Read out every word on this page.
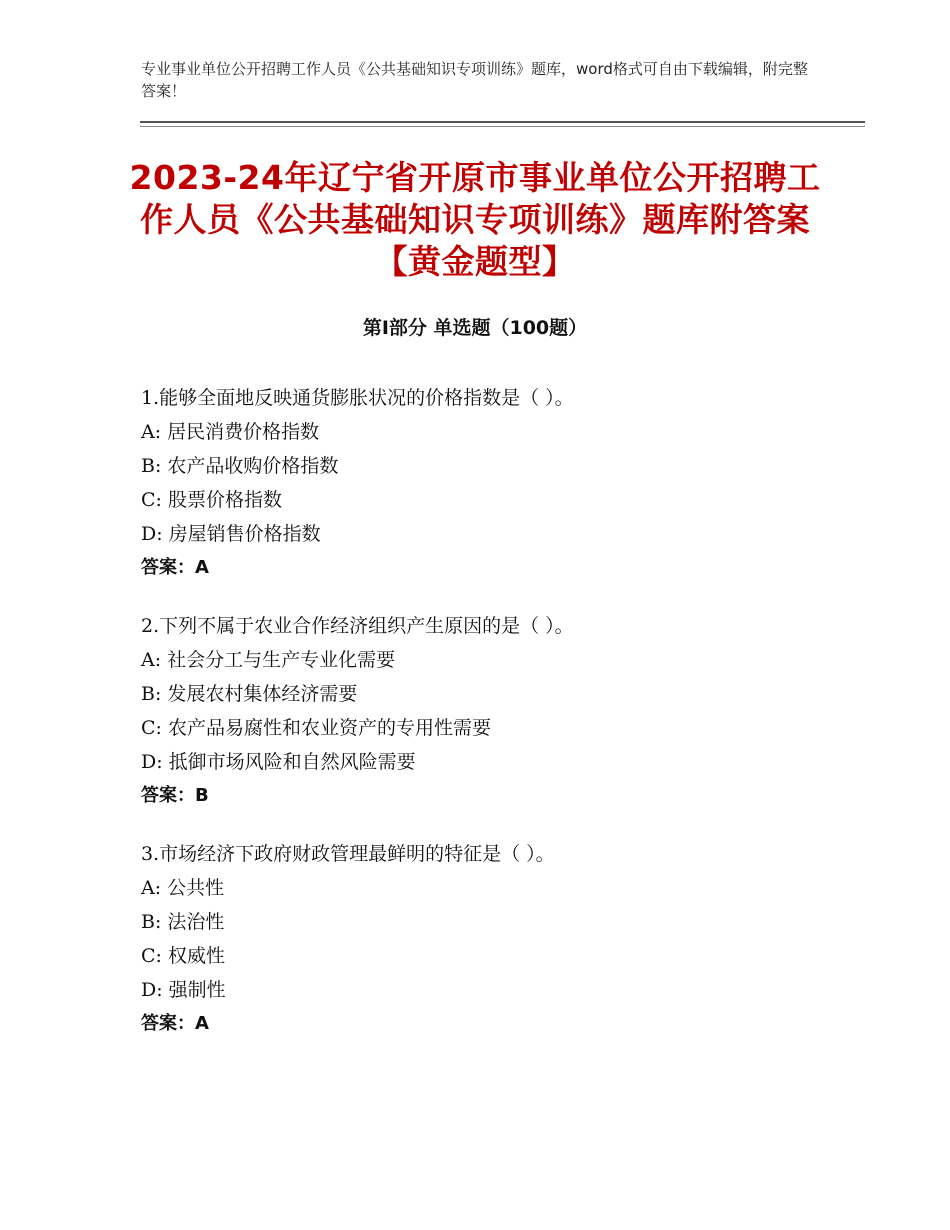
专业事业单位公开招聘工作人员《公共基础知识专项训练》题库，word格式可自由下载编辑，附完整答案！
2023-24年辽宁省开原市事业单位公开招聘工作人员《公共基础知识专项训练》题库附答案【黄金题型】
第I部分 单选题（100题）
1.能够全面地反映通货膨胀状况的价格指数是（ ）。
A: 居民消费价格指数
B: 农产品收购价格指数
C: 股票价格指数
D: 房屋销售价格指数
答案：A
2.下列不属于农业合作经济组织产生原因的是（ ）。
A: 社会分工与生产专业化需要
B: 发展农村集体经济需要
C: 农产品易腐性和农业资产的专用性需要
D: 抵御市场风险和自然风险需要
答案：B
3.市场经济下政府财政管理最鲜明的特征是（ ）。
A: 公共性
B: 法治性
C: 权威性
D: 强制性
答案：A
